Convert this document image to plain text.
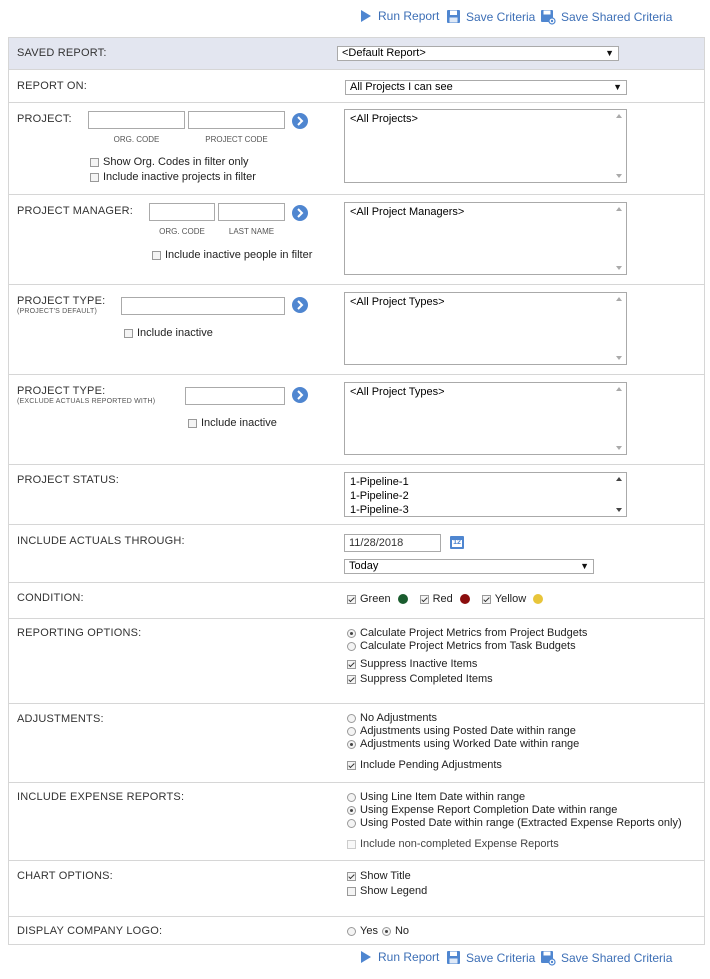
Run Report Save Criteria Save Shared Criteria
SAVED REPORT:	<Default Report>	▼
REPORT ON:	All Projects I can see	▼
PROJECT:
ORG. CODE	PROJECT CODE
Show Org. Codes in filter only
Include inactive projects in filter
<All Projects>
PROJECT MANAGER:
ORG. CODE	LAST NAME
Include inactive people in filter
<All Project Managers>
PROJECT TYPE:
(PROJECT'S DEFAULT)
Include inactive
<All Project Types>
PROJECT TYPE:
(EXCLUDE ACTUALS REPORTED WITH)
Include inactive
<All Project Types>
PROJECT STATUS:	1-Pipeline-1
1-Pipeline-2
1-Pipeline-3
INCLUDE ACTUALS THROUGH:	11/28/2018	12
Today	▼
CONDITION:	Green	Red	Yellow
REPORTING OPTIONS:	Calculate Project Metrics from Project Budgets
Calculate Project Metrics from Task Budgets
Suppress Inactive Items
Suppress Completed Items
ADJUSTMENTS:	No Adjustments
Adjustments using Posted Date within range
Adjustments using Worked Date within range
Include Pending Adjustments
INCLUDE EXPENSE REPORTS:	Using Line Item Date within range
Using Expense Report Completion Date within range
Using Posted Date within range (Extracted Expense Reports only)
Include non-completed Expense Reports
CHART OPTIONS:	Show Title
Show Legend
DISPLAY COMPANY LOGO:	Yes No
Run Report Save Criteria Save Shared Criteria
